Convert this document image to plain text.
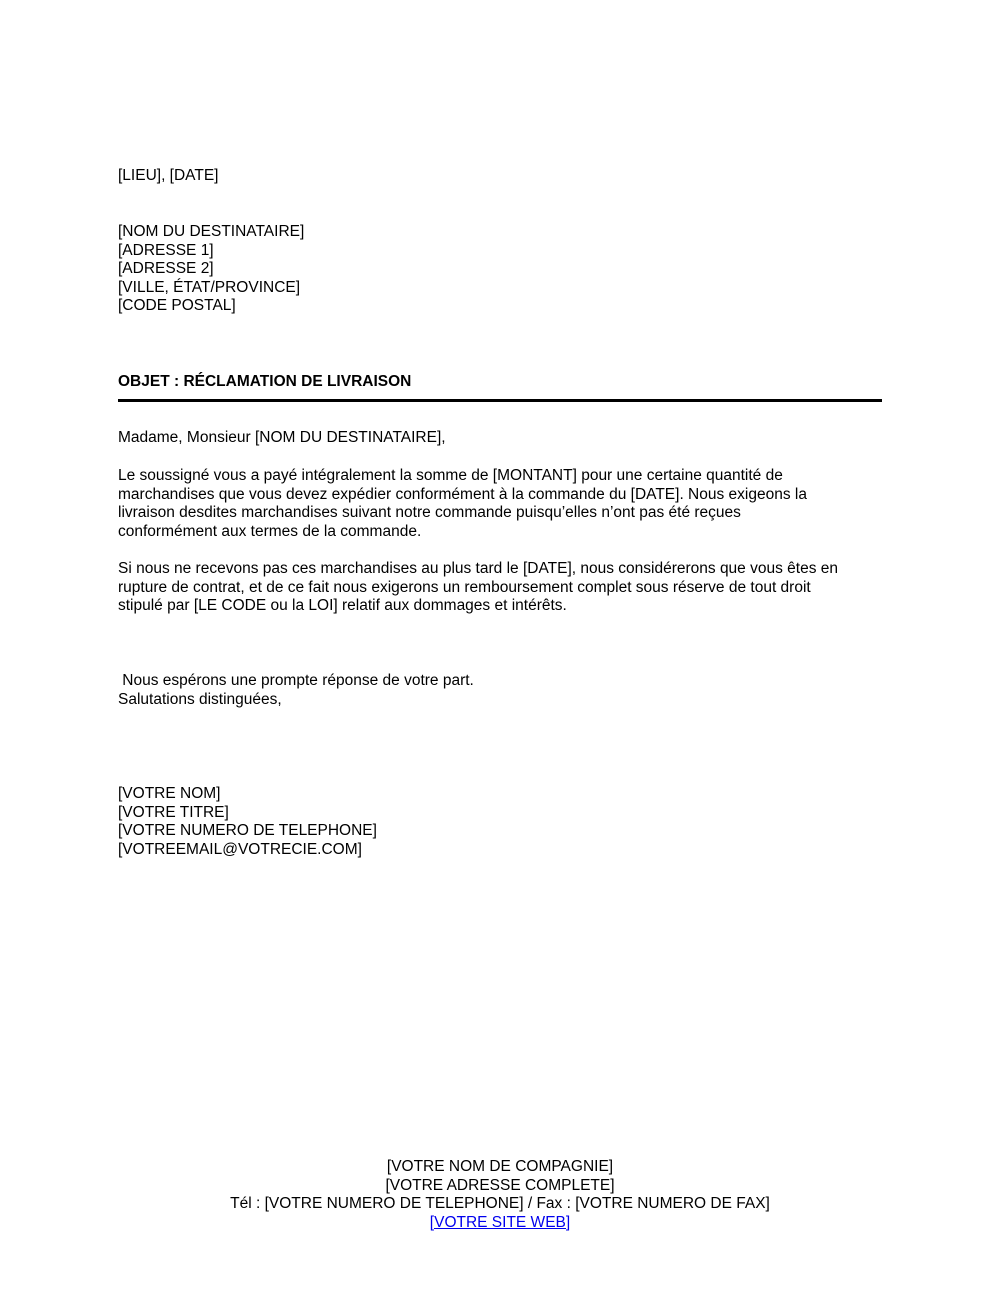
[LIEU], [DATE]
[NOM DU DESTINATAIRE]
[ADRESSE 1]
[ADRESSE 2]
[VILLE, ÉTAT/PROVINCE]
[CODE POSTAL]
OBJET : RÉCLAMATION DE LIVRAISON
Madame, Monsieur [NOM DU DESTINATAIRE],
Le soussigné vous a payé intégralement la somme de [MONTANT] pour une certaine quantité de
marchandises que vous devez expédier conformément à la commande du [DATE]. Nous exigeons la
livraison desdites marchandises suivant notre commande puisqu’elles n’ont pas été reçues
conformément aux termes de la commande.
Si nous ne recevons pas ces marchandises au plus tard le [DATE], nous considérerons que vous êtes en
rupture de contrat, et de ce fait nous exigerons un remboursement complet sous réserve de tout droit
stipulé par [LE CODE ou la LOI] relatif aux dommages et intérêts.

Nous espérons une prompte réponse de votre part.

Salutations distinguées,
[VOTRE NOM]
[VOTRE TITRE]
[VOTRE NUMERO DE TELEPHONE]
[VOTREEMAIL@VOTRECIE.COM]
[VOTRE NOM DE COMPAGNIE]
[VOTRE ADRESSE COMPLETE]
Tél : [VOTRE NUMERO DE TELEPHONE] / Fax : [VOTRE NUMERO DE FAX]
[VOTRE SITE WEB]
